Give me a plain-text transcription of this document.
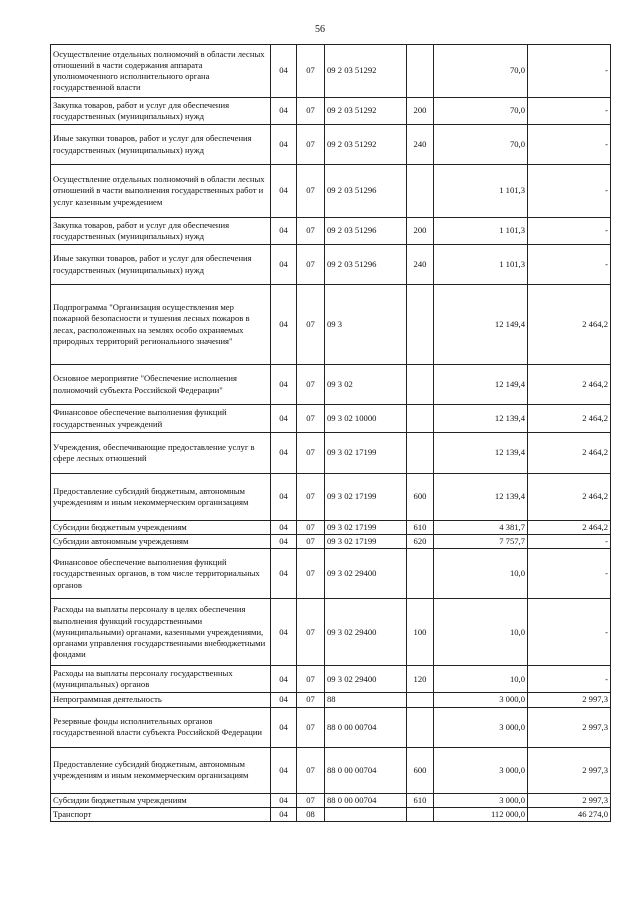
56
Осуществление отдельных полномочий в области лесных отношений в части содержания аппарата уполномоченного исполнительного органа государственной власти	04	07	09 2 03 51292		70,0	-
Закупка товаров, работ и услуг для обеспечения государственных (муниципальных) нужд	04	07	09 2 03 51292	200	70,0	-
Иные закупки товаров, работ и услуг для обеспечения государственных (муниципальных) нужд	04	07	09 2 03 51292	240	70,0	-
Осуществление отдельных полномочий в области лесных отношений в части выполнения государственных работ и услуг казенным учреждением	04	07	09 2 03 51296		1 101,3	-
Закупка товаров, работ и услуг для обеспечения государственных (муниципальных) нужд	04	07	09 2 03 51296	200	1 101,3	-
Иные закупки товаров, работ и услуг для обеспечения государственных (муниципальных) нужд	04	07	09 2 03 51296	240	1 101,3	-
Подпрограмма "Организация осуществления мер пожарной безопасности и тушения лесных пожаров в лесах, расположенных на землях особо охраняемых природных территорий регионального значения"	04	07	09 3		12 149,4	2 464,2
Основное мероприятие "Обеспечение исполнения полномочий субъекта Российской Федерации"	04	07	09 3 02		12 149,4	2 464,2
Финансовое обеспечение выполнения функций государственных учреждений	04	07	09 3 02 10000		12 139,4	2 464,2
Учреждения, обеспечивающие предоставление услуг в сфере лесных отношений	04	07	09 3 02 17199		12 139,4	2 464,2
Предоставление субсидий бюджетным, автономным учреждениям и иным некоммерческим организациям	04	07	09 3 02 17199	600	12 139,4	2 464,2
Субсидии бюджетным учреждениям	04	07	09 3 02 17199	610	4 381,7	2 464,2
Субсидии автономным учреждениям	04	07	09 3 02 17199	620	7 757,7	-
Финансовое обеспечение выполнения функций государственных органов, в том числе территориальных органов	04	07	09 3 02 29400		10,0	-
Расходы на выплаты персоналу в целях обеспечения выполнения функций государственными (муниципальными) органами, казенными учреждениями, органами управления государственными внебюджетными фондами	04	07	09 3 02 29400	100	10,0	-
Расходы на выплаты персоналу государственных (муниципальных) органов	04	07	09 3 02 29400	120	10,0	-
Непрограммная деятельность	04	07	88		3 000,0	2 997,3
Резервные фонды исполнительных органов государственной власти субъекта Российской Федерации	04	07	88 0 00 00704		3 000,0	2 997,3
Предоставление субсидий бюджетным, автономным учреждениям и иным некоммерческим организациям	04	07	88 0 00 00704	600	3 000,0	2 997,3
Субсидии бюджетным учреждениям	04	07	88 0 00 00704	610	3 000,0	2 997,3
Транспорт	04	08			112 000,0	46 274,0
